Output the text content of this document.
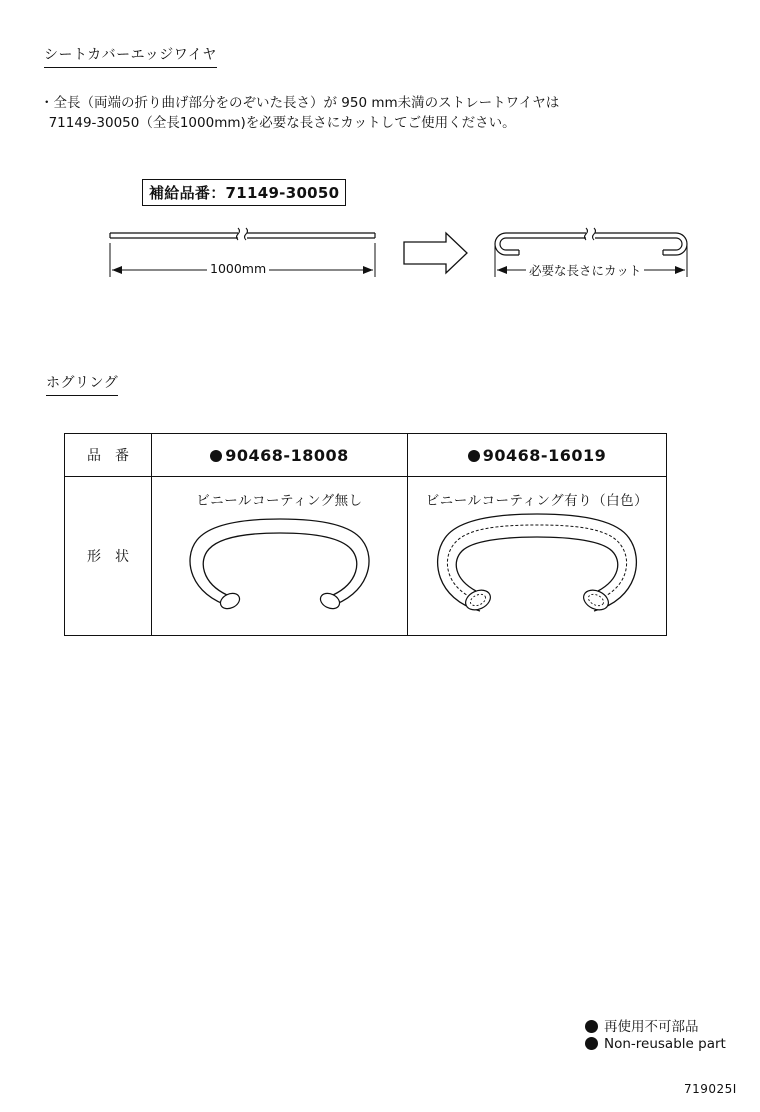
シートカバーエッジワイヤ
・全長（両端の折り曲げ部分をのぞいた長さ）が 950 mm未満のストレートワイヤは
71149-30050（全長1000mm)を必要な長さにカットしてご使用ください。
補給品番：71149-30050
1000mm	必要な長さにカット
ホグリング
品　番	90468-18008	90468-16019
形　状	ビニールコーティング無し	ビニールコーティング有り（白色）
再使用不可部品
Non-reusable part
719025I
